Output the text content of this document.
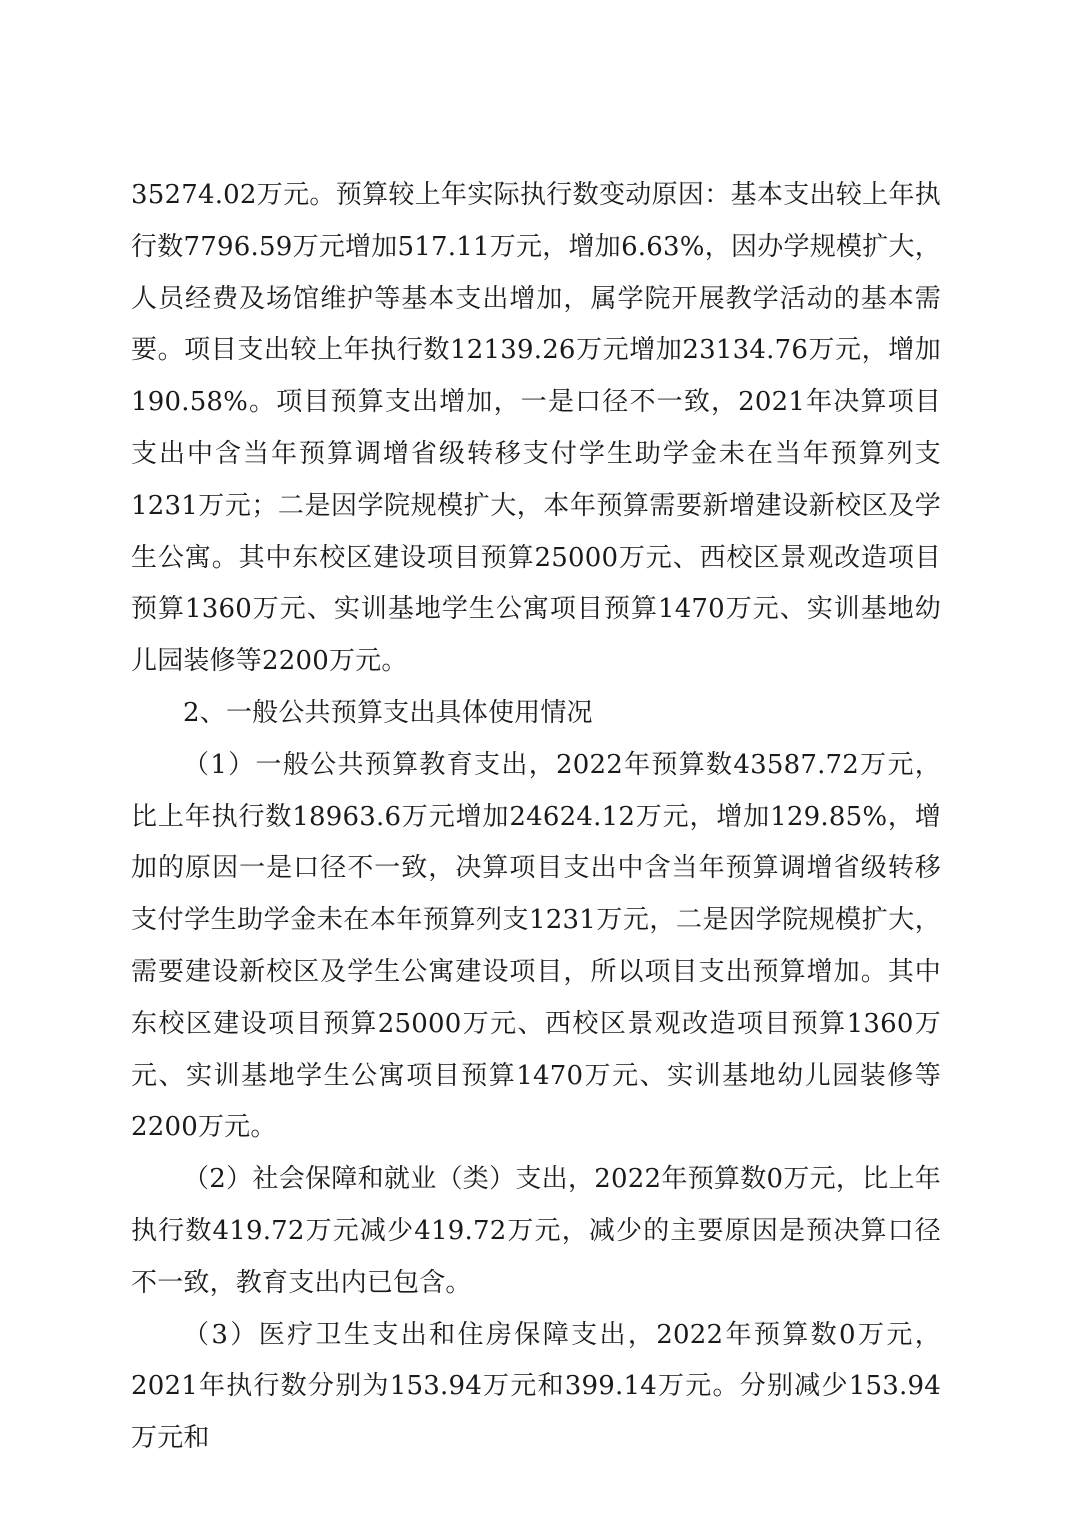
35274.02万元。预算较上年实际执行数变动原因：基本支出较上年执行数7796.59万元增加517.11万元，增加6.63%，因办学规模扩大，人员经费及场馆维护等基本支出增加，属学院开展教学活动的基本需要。项目支出较上年执行数12139.26万元增加23134.76万元，增加190.58%。项目预算支出增加，一是口径不一致，2021年决算项目支出中含当年预算调增省级转移支付学生助学金未在当年预算列支1231万元；二是因学院规模扩大，本年预算需要新增建设新校区及学生公寓。其中东校区建设项目预算25000万元、西校区景观改造项目预算1360万元、实训基地学生公寓项目预算1470万元、实训基地幼儿园装修等2200万元。

2、一般公共预算支出具体使用情况

（1）一般公共预算教育支出，2022年预算数43587.72万元，比上年执行数18963.6万元增加24624.12万元，增加129.85%，增加的原因一是口径不一致，决算项目支出中含当年预算调增省级转移支付学生助学金未在本年预算列支1231万元，二是因学院规模扩大，需要建设新校区及学生公寓建设项目，所以项目支出预算增加。其中东校区建设项目预算25000万元、西校区景观改造项目预算1360万元、实训基地学生公寓项目预算1470万元、实训基地幼儿园装修等2200万元。

（2）社会保障和就业（类）支出，2022年预算数0万元，比上年执行数419.72万元减少419.72万元，减少的主要原因是预决算口径不一致，教育支出内已包含。

（3）医疗卫生支出和住房保障支出，2022年预算数0万元，2021年执行数分别为153.94万元和399.14万元。分别减少153.94万元和
